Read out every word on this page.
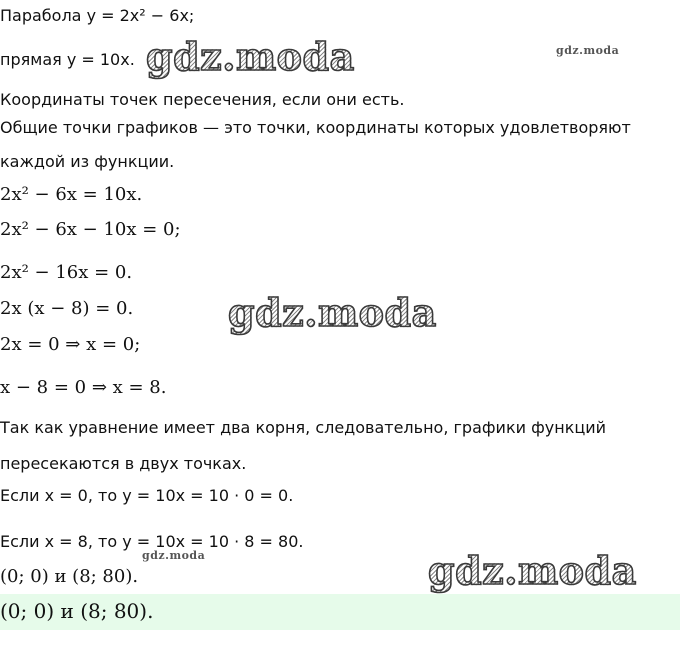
Парабола y = 2x² − 6x;
прямая y = 10x.
Координаты точек пересечения, если они есть.
Общие точки графиков — это точки, координаты которых удовлетворяют
каждой из функции.
2x² − 6x = 10x.
2x² − 6x − 10x = 0;
2x² − 16x = 0.
2x (x − 8) = 0.
2x = 0 ⇒ x = 0;
x − 8 = 0 ⇒ x = 8.
Так как уравнение имеет два корня, следовательно, графики функций
пересекаются в двух точках.
Если x = 0, то y = 10x = 10 · 0 = 0.
Если x = 8, то y = 10x = 10 · 8 = 80.
(0; 0) и (8; 80).
(0; 0) и (8; 80).
gdz.moda	gdz.moda
gdz.moda
gdz.moda	gdz.moda
